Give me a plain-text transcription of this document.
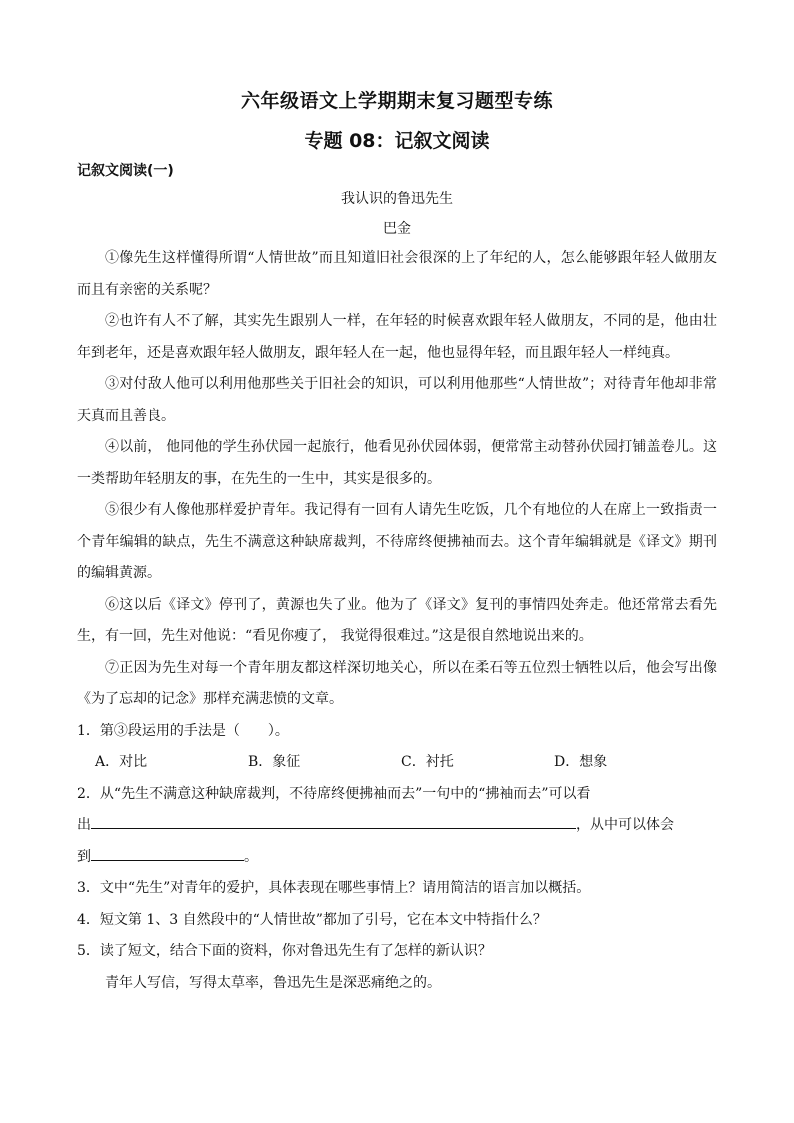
六年级语文上学期期末复习题型专练
专题 08：记叙文阅读
记叙文阅读(一)
我认识的鲁迅先生
巴金

①像先生这样懂得所谓“人情世故”而且知道旧社会很深的上了年纪的人，怎么能够跟年轻人做朋友而且有亲密的关系呢？

②也许有人不了解，其实先生跟别人一样，在年轻的时候喜欢跟年轻人做朋友，不同的是，他由壮年到老年，还是喜欢跟年轻人做朋友，跟年轻人在一起，他也显得年轻，而且跟年轻人一样纯真。

③对付敌人他可以利用他那些关于旧社会的知识，可以利用他那些“人情世故”；对待青年他却非常天真而且善良。

④以前， 他同他的学生孙伏园一起旅行，他看见孙伏园体弱，便常常主动替孙伏园打铺盖卷儿。这一类帮助年轻朋友的事，在先生的一生中，其实是很多的。

⑤很少有人像他那样爱护青年。我记得有一回有人请先生吃饭，几个有地位的人在席上一致指责一个青年编辑的缺点，先生不满意这种缺席裁判，不待席终便拂袖而去。这个青年编辑就是《译文》期刊的编辑黄源。

⑥这以后《译文》停刊了，黄源也失了业。他为了《译文》复刊的事情四处奔走。他还常常去看先生，有一回，先生对他说：“看见你瘦了， 我觉得很难过。”这是很自然地说出来的。

⑦正因为先生对每一个青年朋友都这样深切地关心，所以在柔石等五位烈士牺牲以后，他会写出像《为了忘却的记念》那样充满悲愤的文章。

1．第③段运用的手法是（　　）。

A．对比	B．象征	C．衬托	D．想象

2．从“先生不满意这种缺席裁判，不待席终便拂袖而去”一句中的“拂袖而去”可以看

出	，从中可以体会

到	。

3．文中“先生”对青年的爱护，具体表现在哪些事情上？请用简洁的语言加以概括。

4．短文第 1、3 自然段中的“人情世故”都加了引号，它在本文中特指什么？

5．读了短文，结合下面的资料，你对鲁迅先生有了怎样的新认识？

青年人写信，写得太草率，鲁迅先生是深恶痛绝之的。
